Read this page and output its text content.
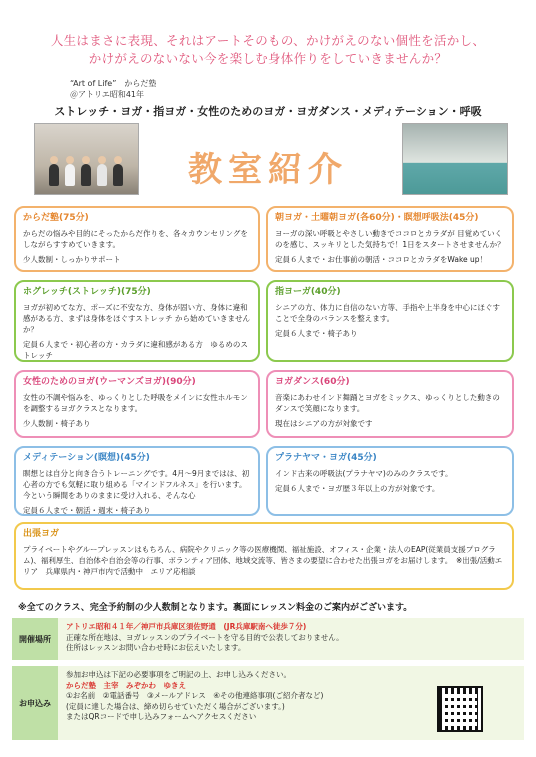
人生はまさに表現、それはアートそのもの、かけがえのない個性を活かし、
かけがえのないない今を楽しむ身体作りをしていきませんか？
“Art of Life”　からだ塾
＠アトリエ昭和41年
ストレッチ・ヨガ・指ヨガ・女性のためのヨガ・ヨガダンス・メディテーション・呼吸
教室紹介
からだ塾(75分)
からだの悩みや目的にそったからだ作りを、各々カウンセリングをしながらすすめていきます。
少人数制・しっかりサポート
朝ヨガ・土曜朝ヨガ(各60分)・瞑想呼吸法(45分)
ヨーガの深い呼吸とやさしい動きでココロとカラダが 目覚めていくのを感じ、スッキリとした気持ちで！1日をスタートさせませんか？
定員６人まで・お仕事前の朝活・ココロとカラダをWake up！
ホグレッチ(ストレッチ)(75分)
ヨガが初めてな方、ポーズに不安な方、身体が固い方、身体に違和感がある方、まずは身体をほぐすストレッチ から始めていきませんか？
定員６人まで・初心者の方・カラダに違和感がある方　ゆるめのストレッチ
指ヨーガ(40分)
シニアの方、体力に自信のない方等、手指や上半身を中心にほぐすことで全身のバランスを整えます。
定員６人まで・椅子あり
女性のためのヨガ(ウーマンズヨガ)(90分)
女性の不調や悩みを、ゆっくりとした呼吸をメインに女性ホルモンを調整するヨガクラスとなります。
少人数制・椅子あり
ヨガダンス(60分)
音楽にあわせインド舞踊とヨガをミックス、ゆっくりとした動きのダンスで笑顔になります。
現在はシニアの方が対象です
メディテーション(瞑想)(45分)
瞑想とは自分と向き合うトレーニングです。4月～9月まではは、初心者の方でも気軽に取り組める「マインドフルネス」を行います。今という瞬間をありのままに受け入れる、そんな心
定員６人まで・朝活・週末・椅子あり
プラナヤマ・ヨガ(45分)
インド古来の呼吸法(プラナヤマ)のみのクラスです。
定員６人まで・ヨガ歴３年以上の方が対象です。
出張ヨガ
プライベートやグループレッスンはもちろん、病院やクリニック等の医療機関、福祉施設、オフィス・企業・法人のEAP(従業員支援プログラム)、福利厚生、自治体や自治会等の行事、ボランティア団体、地域交流等、皆さまの要望に合わせた出張ヨガをお届けします。　※出張/活動エリア　兵庫県内・神戸市内で活動中　エリア応相談
※全てのクラス、完全予約制の少人数制となります。裏面にレッスン料金のご案内がございます。
開催場所
アトリエ昭和４１年／神戸市兵庫区須佐野通　(JR兵庫駅南へ徒歩７分)
正確な所在地は、ヨガレッスンのプライベートを守る目的で公表しておりません。
住所はレッスンお問い合わせ時にお伝えいたします。
お申込み
参加お申込は下記の必要事項をご明記の上、お申し込みください。
からだ塾　主宰　みぞかわ　ゆきえ
①お名前　②電話番号　③メールアドレス　④その他連絡事項(ご紹介者など)
(定員に達した場合は、締め切らせていただく場合がございます。)
またはQRコードで申し込みフォームへアクセスください
